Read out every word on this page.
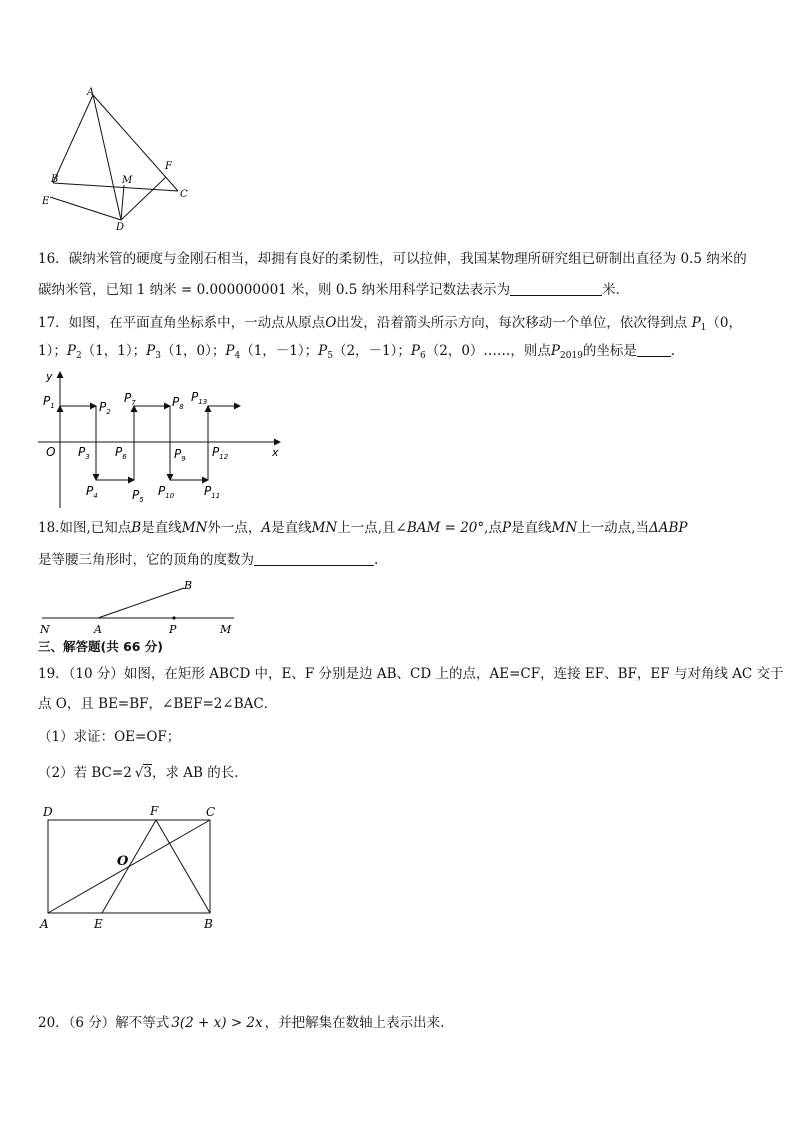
A
B	M
F
C
E
D
16．碳纳米管的硬度与金刚石相当，却拥有良好的柔韧性，可以拉伸，我国某物理所研究组已研制出直径为 0.5 纳米的
碳纳米管，已知 1 纳米 = 0.000000001 米，则 0.5 纳米用科学记数法表示为	米．
17．如图，在平面直角坐标系中，一动点从原点O出发，沿着箭头所示方向，每次移动一个单位，依次得到点 $P_1(0$，
1）；$P_2(1$，1）；$P_3(1$，0）；$P_4(1$，－1）；$P_5(2$，－1）；$P_6(2$，0）……，则点$P_{2019}$的坐标是	.
y
x
O
$P_1$	$P_2$
$P_3$
$P_4$	$P_5$
$P_6$
$P_7$	$P_8$
$P_9$
$P_{10}$ $P_{11}$
$P_{12}$
$P_{13}$
18.如图,已知点B是直线MN外一点，A是直线MN上一点,且∠BAM = 20°,点P是直线MN上一动点,当ΔABP
是等腰三角形时，它的顶角的度数为	.
N	A	P	M
B
三、解答题(共 66 分)
19．（10 分）如图，在矩形 ABCD 中，E、F 分别是边 AB、CD 上的点，AE=CF，连接 EF、BF，EF 与对角线 AC 交于
点 O，且 BE=BF，∠BEF=2∠BAC．
（1）求证：OE=OF；
（2）若 BC=2 √3，求 AB 的长.
D	F	C
O
A	E	B
20．（6 分）解不等式 3(2 + x) > 2x ，并把解集在数轴上表示出来.
